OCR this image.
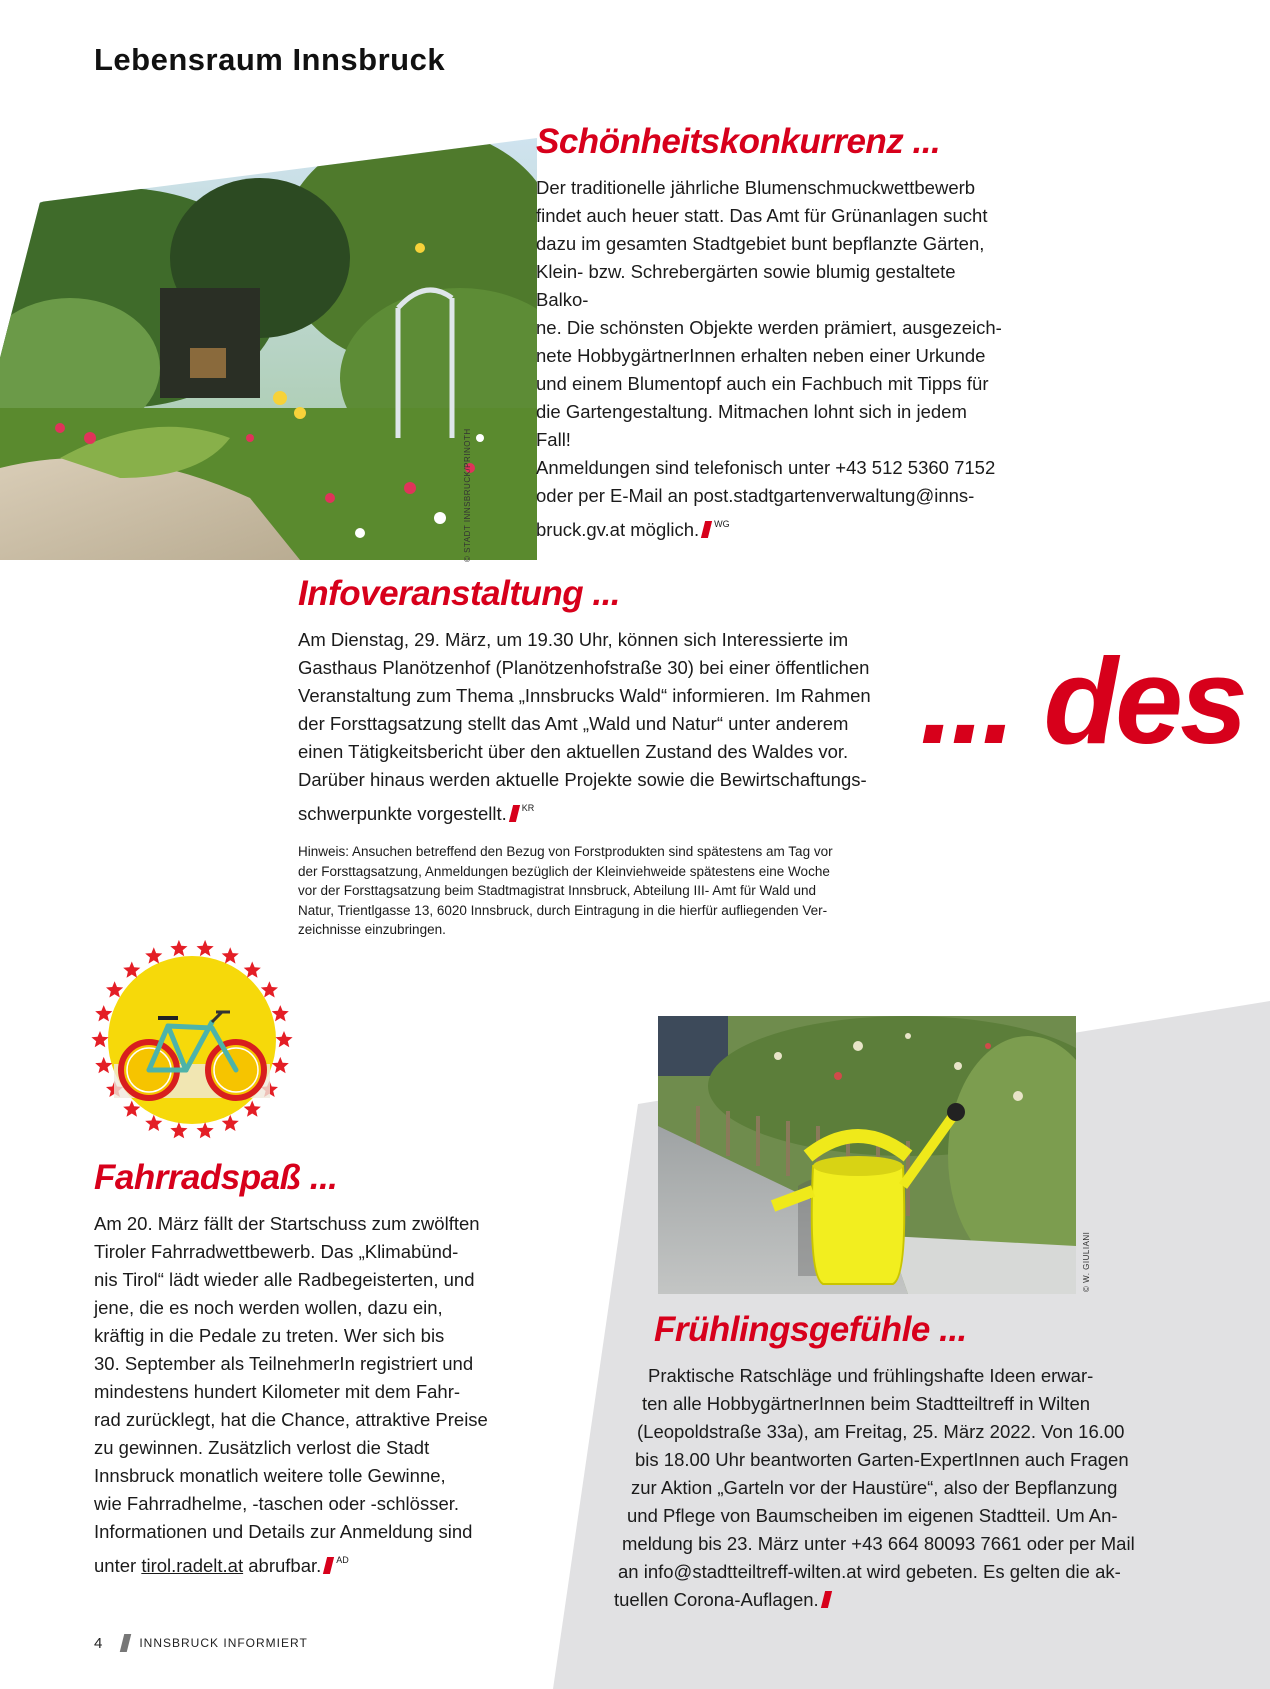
Lebensraum Innsbruck
© STADT INNSBRUCK/PRINOTH
Schönheitskonkurrenz ...
Der traditionelle jährliche Blumenschmuckwettbewerb
findet auch heuer statt. Das Amt für Grünanlagen sucht
dazu im gesamten Stadtgebiet bunt bepflanzte Gärten,
Klein- bzw. Schrebergärten sowie blumig gestaltete Balko-
ne. Die schönsten Objekte werden prämiert, ausgezeich-
nete HobbygärtnerInnen erhalten neben einer Urkunde
und einem Blumentopf auch ein Fachbuch mit Tipps für
die Gartengestaltung. Mitmachen lohnt sich in jedem Fall!
Anmeldungen sind telefonisch unter +43 512 5360 7152
oder per E-Mail an post.stadtgartenverwaltung@inns-
bruck.gv.at möglich. $^{WG}$
Infoveranstaltung ...
Am Dienstag, 29. März, um 19.30 Uhr, können sich Interessierte im
Gasthaus Planötzenhof (Planötzenhofstraße 30) bei einer öffentlichen
Veranstaltung zum Thema „Innsbrucks Wald“ informieren. Im Rahmen
der Forsttagsatzung stellt das Amt „Wald und Natur“ unter anderem
einen Tätigkeitsbericht über den aktuellen Zustand des Waldes vor.
Darüber hinaus werden aktuelle Projekte sowie die Bewirtschaftungs-
schwerpunkte vorgestellt. $^{KR}$
Hinweis: Ansuchen betreffend den Bezug von Forstprodukten sind spätestens am Tag vor
der Forsttagsatzung, Anmeldungen bezüglich der Kleinviehweide spätestens eine Woche
vor der Forsttagsatzung beim Stadtmagistrat Innsbruck, Abteilung III- Amt für Wald und
Natur, Trientlgasse 13, 6020 Innsbruck, durch Eintragung in die hierfür aufliegenden Ver-
zeichnisse einzubringen.
... des
Fahrradspaß ...
Am 20. März fällt der Startschuss zum zwölften
Tiroler Fahrradwettbewerb. Das „Klimabünd-
nis Tirol“ lädt wieder alle Radbegeisterten, und
jene, die es noch werden wollen, dazu ein,
kräftig in die Pedale zu treten. Wer sich bis
30. September als TeilnehmerIn registriert und
mindestens hundert Kilometer mit dem Fahr-
rad zurücklegt, hat die Chance, attraktive Preise
zu gewinnen. Zusätzlich verlost die Stadt
Innsbruck monatlich weitere tolle Gewinne,
wie Fahrradhelme, -taschen oder -schlösser.
Informationen und Details zur Anmeldung sind
unter tirol.radelt.at abrufbar. $^{AD}$
© W. GIULIANI
Frühlingsgefühle ...
Praktische Ratschläge und frühlingshafte Ideen erwar-
ten alle HobbygärtnerInnen beim Stadtteiltreff in Wilten
(Leopoldstraße 33a), am Freitag, 25. März 2022. Von 16.00
bis 18.00 Uhr beantworten Garten-ExpertInnen auch Fragen
zur Aktion „Garteln vor der Haustüre“, also der Bepflanzung
und Pflege von Baumscheiben im eigenen Stadtteil. Um An-
meldung bis 23. März unter +43 664 80093 7661 oder per Mail
an info@stadtteiltreff-wilten.at wird gebeten. Es gelten die ak-
tuellen Corona-Auflagen.
4	INNSBRUCK INFORMIERT
